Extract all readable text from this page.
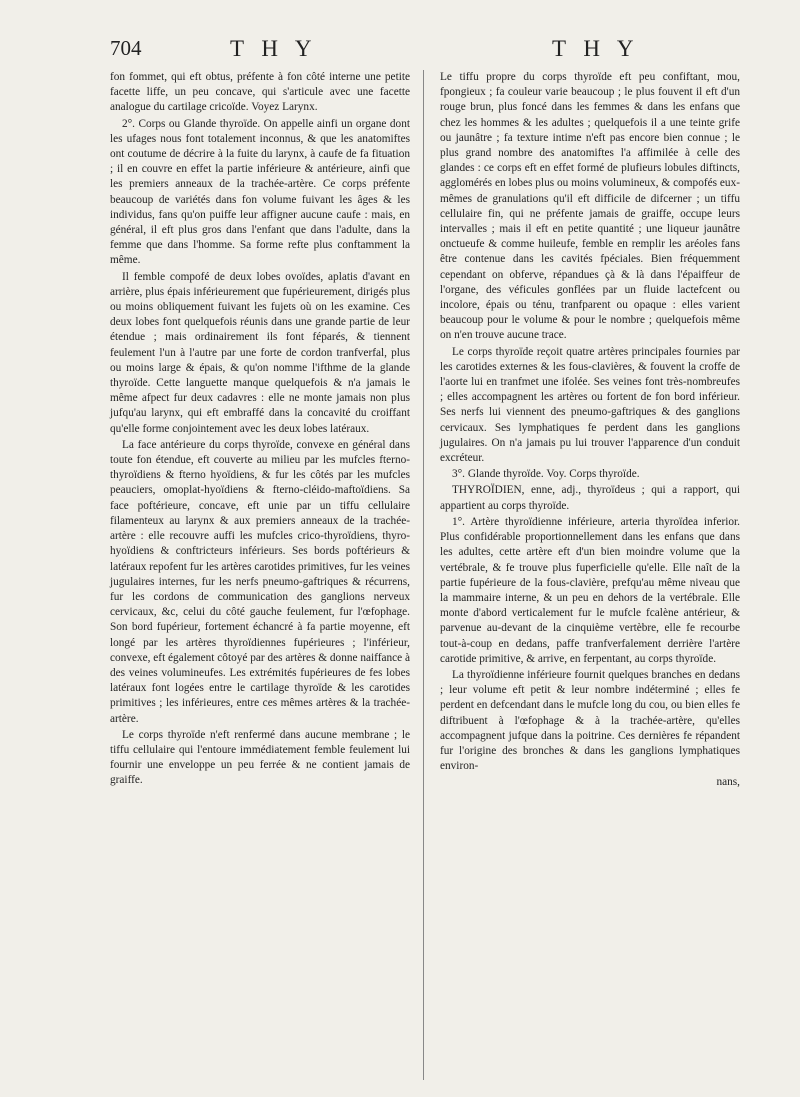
704	T H Y	T H Y

fon fommet, qui eft obtus, préfente à fon côté interne une petite facette liffe, un peu concave, qui s'articule avec une facette analogue du cartilage cricoïde. Voyez Larynx.

2°. Corps ou Glande thyroïde. On appelle ainfi un organe dont les ufages nous font totalement inconnus, & que les anatomiftes ont coutume de décrire à la fuite du larynx, à caufe de fa fituation ; il en couvre en effet la partie inférieure & antérieure, ainfi que les premiers anneaux de la trachée-artère. Ce corps préfente beaucoup de variétés dans fon volume fuivant les âges & les individus, fans qu'on puiffe leur affigner aucune caufe : mais, en général, il eft plus gros dans l'enfant que dans l'adulte, dans la femme que dans l'homme. Sa forme refte plus conftamment la même.

Il femble compofé de deux lobes ovoïdes, aplatis d'avant en arrière, plus épais inférieurement que fupérieurement, dirigés plus ou moins obliquement fuivant les fujets où on les examine. Ces deux lobes font quelquefois réunis dans une grande partie de leur étendue ; mais ordinairement ils font féparés, & tiennent feulement l'un à l'autre par une forte de cordon tranfverfal, plus ou moins large & épais, & qu'on nomme l'ifthme de la glande thyroïde. Cette languette manque quelquefois & n'a jamais le même afpect fur deux cadavres : elle ne monte jamais non plus jufqu'au larynx, qui eft embraffé dans la concavité du croiffant qu'elle forme conjointement avec les deux lobes latéraux.

La face antérieure du corps thyroïde, convexe en général dans toute fon étendue, eft couverte au milieu par les mufcles fterno-thyroïdiens & fterno hyoïdiens, & fur les côtés par les mufcles peauciers, omoplat-hyoïdiens & fterno-cléido-maftoïdiens. Sa face poftérieure, concave, eft unie par un tiffu cellulaire filamenteux au larynx & aux premiers anneaux de la trachée-artère : elle recouvre auffi les mufcles crico-thyroïdiens, thyro-hyoïdiens & conftricteurs inférieurs. Ses bords poftérieurs & latéraux repofent fur les artères carotides primitives, fur les veines jugulaires internes, fur les nerfs pneumo-gaftriques & récurrens, fur les cordons de communication des ganglions nerveux cervicaux, &c, celui du côté gauche feulement, fur l'œfophage. Son bord fupérieur, fortement échancré à fa partie moyenne, eft longé par les artères thyroïdiennes fupérieures ; l'inférieur, convexe, eft également côtoyé par des artères & donne naiffance à des veines volumineufes. Les extrémités fupérieures de fes lobes latéraux font logées entre le cartilage thyroïde & les carotides primitives ; les inférieures, entre ces mêmes artères & la trachée-artère.

Le corps thyroïde n'eft renfermé dans aucune membrane ; le tiffu cellulaire qui l'entoure immédiatement femble feulement lui fournir une enveloppe un peu ferrée & ne contient jamais de graiffe.

Le tiffu propre du corps thyroïde eft peu confiftant, mou, fpongieux ; fa couleur varie beaucoup ; le plus fouvent il eft d'un rouge brun, plus foncé dans les femmes & dans les enfans que chez les hommes & les adultes ; quelquefois il a une teinte grife ou jaunâtre ; fa texture intime n'eft pas encore bien connue ; le plus grand nombre des anatomiftes l'a affimilée à celle des glandes : ce corps eft en effet formé de plufieurs lobules diftincts, agglomérés en lobes plus ou moins volumineux, & compofés eux-mêmes de granulations qu'il eft difficile de difcerner ; un tiffu cellulaire fin, qui ne préfente jamais de graiffe, occupe leurs intervalles ; mais il eft en petite quantité ; une liqueur jaunâtre onctueufe & comme huileufe, femble en remplir les aréoles fans être contenue dans les cavités fpéciales. Bien fréquemment cependant on obferve, répandues çà & là dans l'épaiffeur de l'organe, des véficules gonflées par un fluide lactefcent ou incolore, épais ou ténu, tranfparent ou opaque : elles varient beaucoup pour le volume & pour le nombre ; quelquefois même on n'en trouve aucune trace.

Le corps thyroïde reçoit quatre artères principales fournies par les carotides externes & les fous-clavières, & fouvent la croffe de l'aorte lui en tranfmet une ifolée. Ses veines font très-nombreufes ; elles accompagnent les artères ou fortent de fon bord inférieur. Ses nerfs lui viennent des pneumo-gaftriques & des ganglions cervicaux. Ses lymphatiques fe perdent dans les ganglions jugulaires. On n'a jamais pu lui trouver l'apparence d'un conduit excréteur.

3°. Glande thyroïde. Voy. Corps thyroïde.

THYROÏDIEN, enne, adj., thyroïdeus ; qui a rapport, qui appartient au corps thyroïde.

1°. Artère thyroïdienne inférieure, arteria thyroïdea inferior. Plus confidérable proportionnellement dans les enfans que dans les adultes, cette artère eft d'un bien moindre volume que la vertébrale, & fe trouve plus fuperficielle qu'elle. Elle naît de la partie fupérieure de la fous-clavière, prefqu'au même niveau que la mammaire interne, & un peu en dehors de la vertébrale. Elle monte d'abord verticalement fur le mufcle fcalène antérieur, & parvenue au-devant de la cinquième vertèbre, elle fe recourbe tout-à-coup en dedans, paffe tranfverfalement derrière l'artère carotide primitive, & arrive, en ferpentant, au corps thyroïde.

La thyroïdienne inférieure fournit quelques branches en dedans ; leur volume eft petit & leur nombre indéterminé ; elles fe perdent en defcendant dans le mufcle long du cou, ou bien elles fe diftribuent à l'œfophage & à la trachée-artère, qu'elles accompagnent jufque dans la poitrine. Ces dernières fe répandent fur l'origine des bronches & dans les ganglions lymphatiques environ-

nans,
